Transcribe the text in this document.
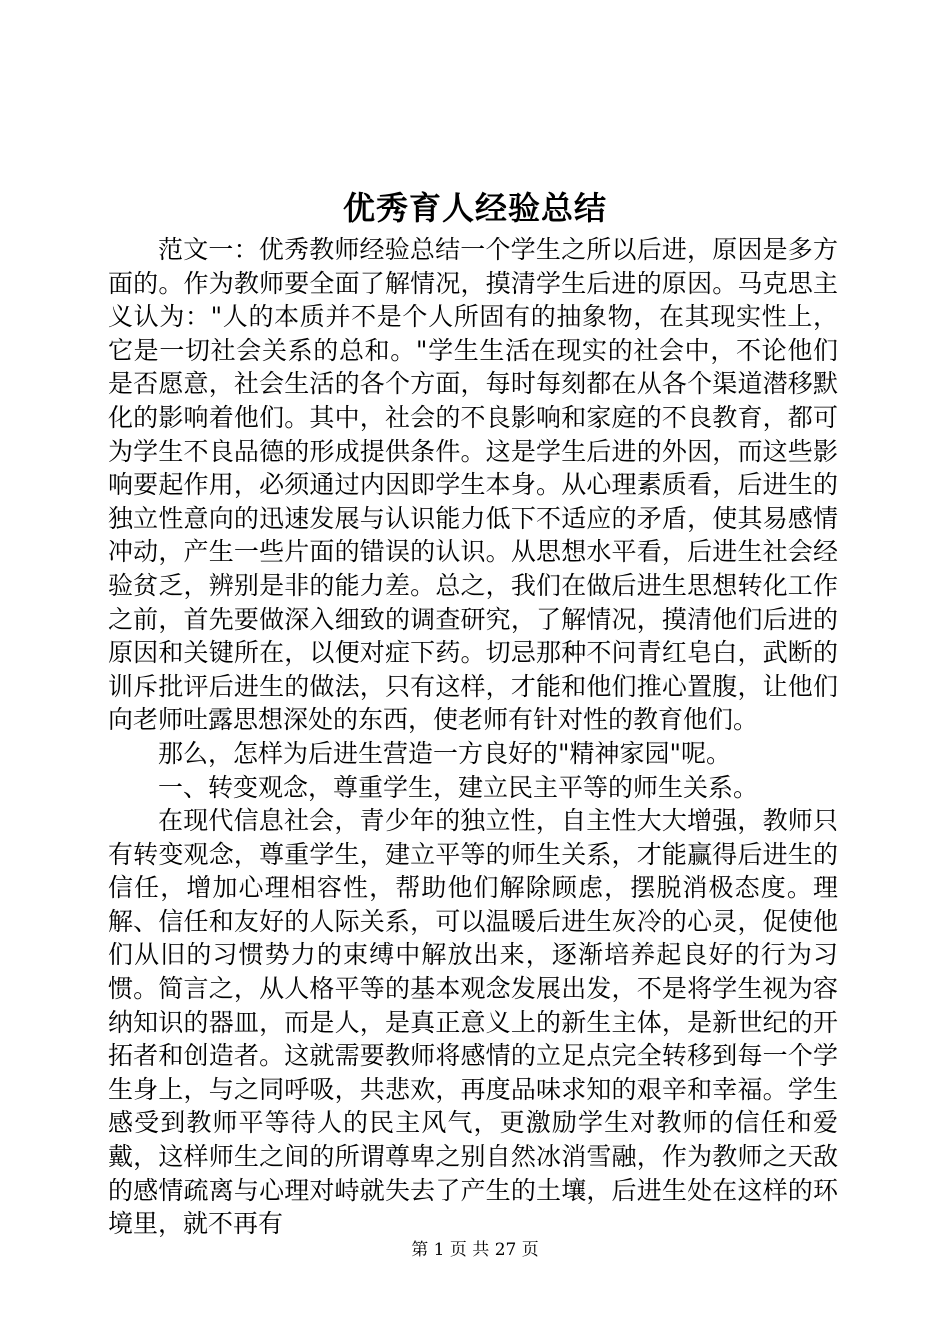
优秀育人经验总结

范文一：优秀教师经验总结一个学生之所以后进，原因是多方面的。作为教师要全面了解情况，摸清学生后进的原因。马克思主义认为："人的本质并不是个人所固有的抽象物，在其现实性上，它是一切社会关系的总和。"学生生活在现实的社会中，不论他们是否愿意，社会生活的各个方面，每时每刻都在从各个渠道潜移默化的影响着他们。其中，社会的不良影响和家庭的不良教育，都可为学生不良品德的形成提供条件。这是学生后进的外因，而这些影响要起作用，必须通过内因即学生本身。从心理素质看，后进生的独立性意向的迅速发展与认识能力低下不适应的矛盾，使其易感情冲动，产生一些片面的错误的认识。从思想水平看，后进生社会经验贫乏，辨别是非的能力差。总之，我们在做后进生思想转化工作之前，首先要做深入细致的调查研究，了解情况，摸清他们后进的原因和关键所在，以便对症下药。切忌那种不问青红皂白，武断的训斥批评后进生的做法，只有这样，才能和他们推心置腹，让他们向老师吐露思想深处的东西，使老师有针对性的教育他们。

那么，怎样为后进生营造一方良好的"精神家园"呢。

一、转变观念，尊重学生，建立民主平等的师生关系。

在现代信息社会，青少年的独立性，自主性大大增强，教师只有转变观念，尊重学生，建立平等的师生关系，才能赢得后进生的信任，增加心理相容性，帮助他们解除顾虑，摆脱消极态度。理解、信任和友好的人际关系，可以温暖后进生灰冷的心灵，促使他们从旧的习惯势力的束缚中解放出来，逐渐培养起良好的行为习惯。简言之，从人格平等的基本观念发展出发，不是将学生视为容纳知识的器皿，而是人，是真正意义上的新生主体，是新世纪的开拓者和创造者。这就需要教师将感情的立足点完全转移到每一个学生身上，与之同呼吸，共悲欢，再度品味求知的艰辛和幸福。学生感受到教师平等待人的民主风气，更激励学生对教师的信任和爱戴，这样师生之间的所谓尊卑之别自然冰消雪融，作为教师之天敌的感情疏离与心理对峙就失去了产生的土壤，后进生处在这样的环境里，就不再有

第 1 页 共 27 页
